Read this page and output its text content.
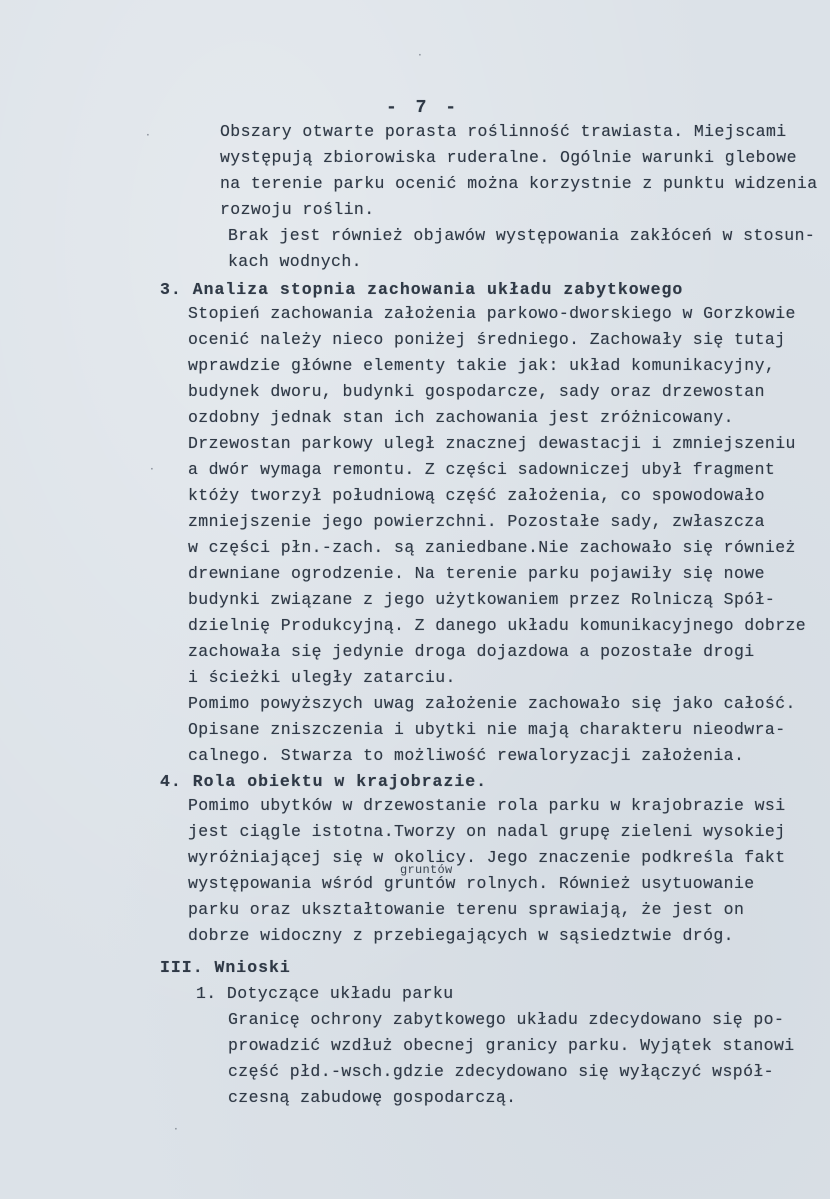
- 7 -
Obszary otwarte porasta roślinność trawiasta. Miejscami
występują zbiorowiska ruderalne. Ogólnie warunki glebowe
na terenie parku ocenić można korzystnie z punktu widzenia
rozwoju roślin.
Brak jest również objawów występowania zakłóceń w stosun-
kach wodnych.
3. Analiza stopnia zachowania układu zabytkowego
Stopień zachowania założenia parkowo-dworskiego w Gorzkowie
ocenić należy nieco poniżej średniego. Zachowały się tutaj
wprawdzie główne elementy takie jak: układ komunikacyjny,
budynek dworu, budynki gospodarcze, sady oraz drzewostan
ozdobny jednak stan ich zachowania jest zróżnicowany.
Drzewostan parkowy uległ znacznej dewastacji i zmniejszeniu
a dwór wymaga remontu. Z części sadowniczej ubył fragment
któży tworzył południową część założenia, co spowodowało
zmniejszenie jego powierzchni. Pozostałe sady, zwłaszcza
w części płn.-zach. są zaniedbane.Nie zachowało się również
drewniane ogrodzenie. Na terenie parku pojawiły się nowe
budynki związane z jego użytkowaniem przez Rolniczą Spół-
dzielnię Produkcyjną. Z danego układu komunikacyjnego dobrze
zachowała się jedynie droga dojazdowa a pozostałe drogi
i ścieżki uległy zatarciu.
Pomimo powyższych uwag założenie zachowało się jako całość.
Opisane zniszczenia i ubytki nie mają charakteru nieodwra-
calnego. Stwarza to możliwość rewaloryzacji założenia.
4. Rola obiektu w krajobrazie.
Pomimo ubytków w drzewostanie rola parku w krajobrazie wsi
jest ciągle istotna.Tworzy on nadal grupę zieleni wysokiej
wyróżniającej się w okolicy. Jego znaczenie podkreśla fakt
gruntów
występowania wśród gruntów rolnych. Również usytuowanie
parku oraz ukształtowanie terenu sprawiają, że jest on
dobrze widoczny z przebiegających w sąsiedztwie dróg.
III. Wnioski
1. Dotyczące układu parku
Granicę ochrony zabytkowego układu zdecydowano się po-
prowadzić wzdłuż obecnej granicy parku. Wyjątek stanowi
część płd.-wsch.gdzie zdecydowano się wyłączyć współ-
czesną zabudowę gospodarczą.
·
·
·
·
